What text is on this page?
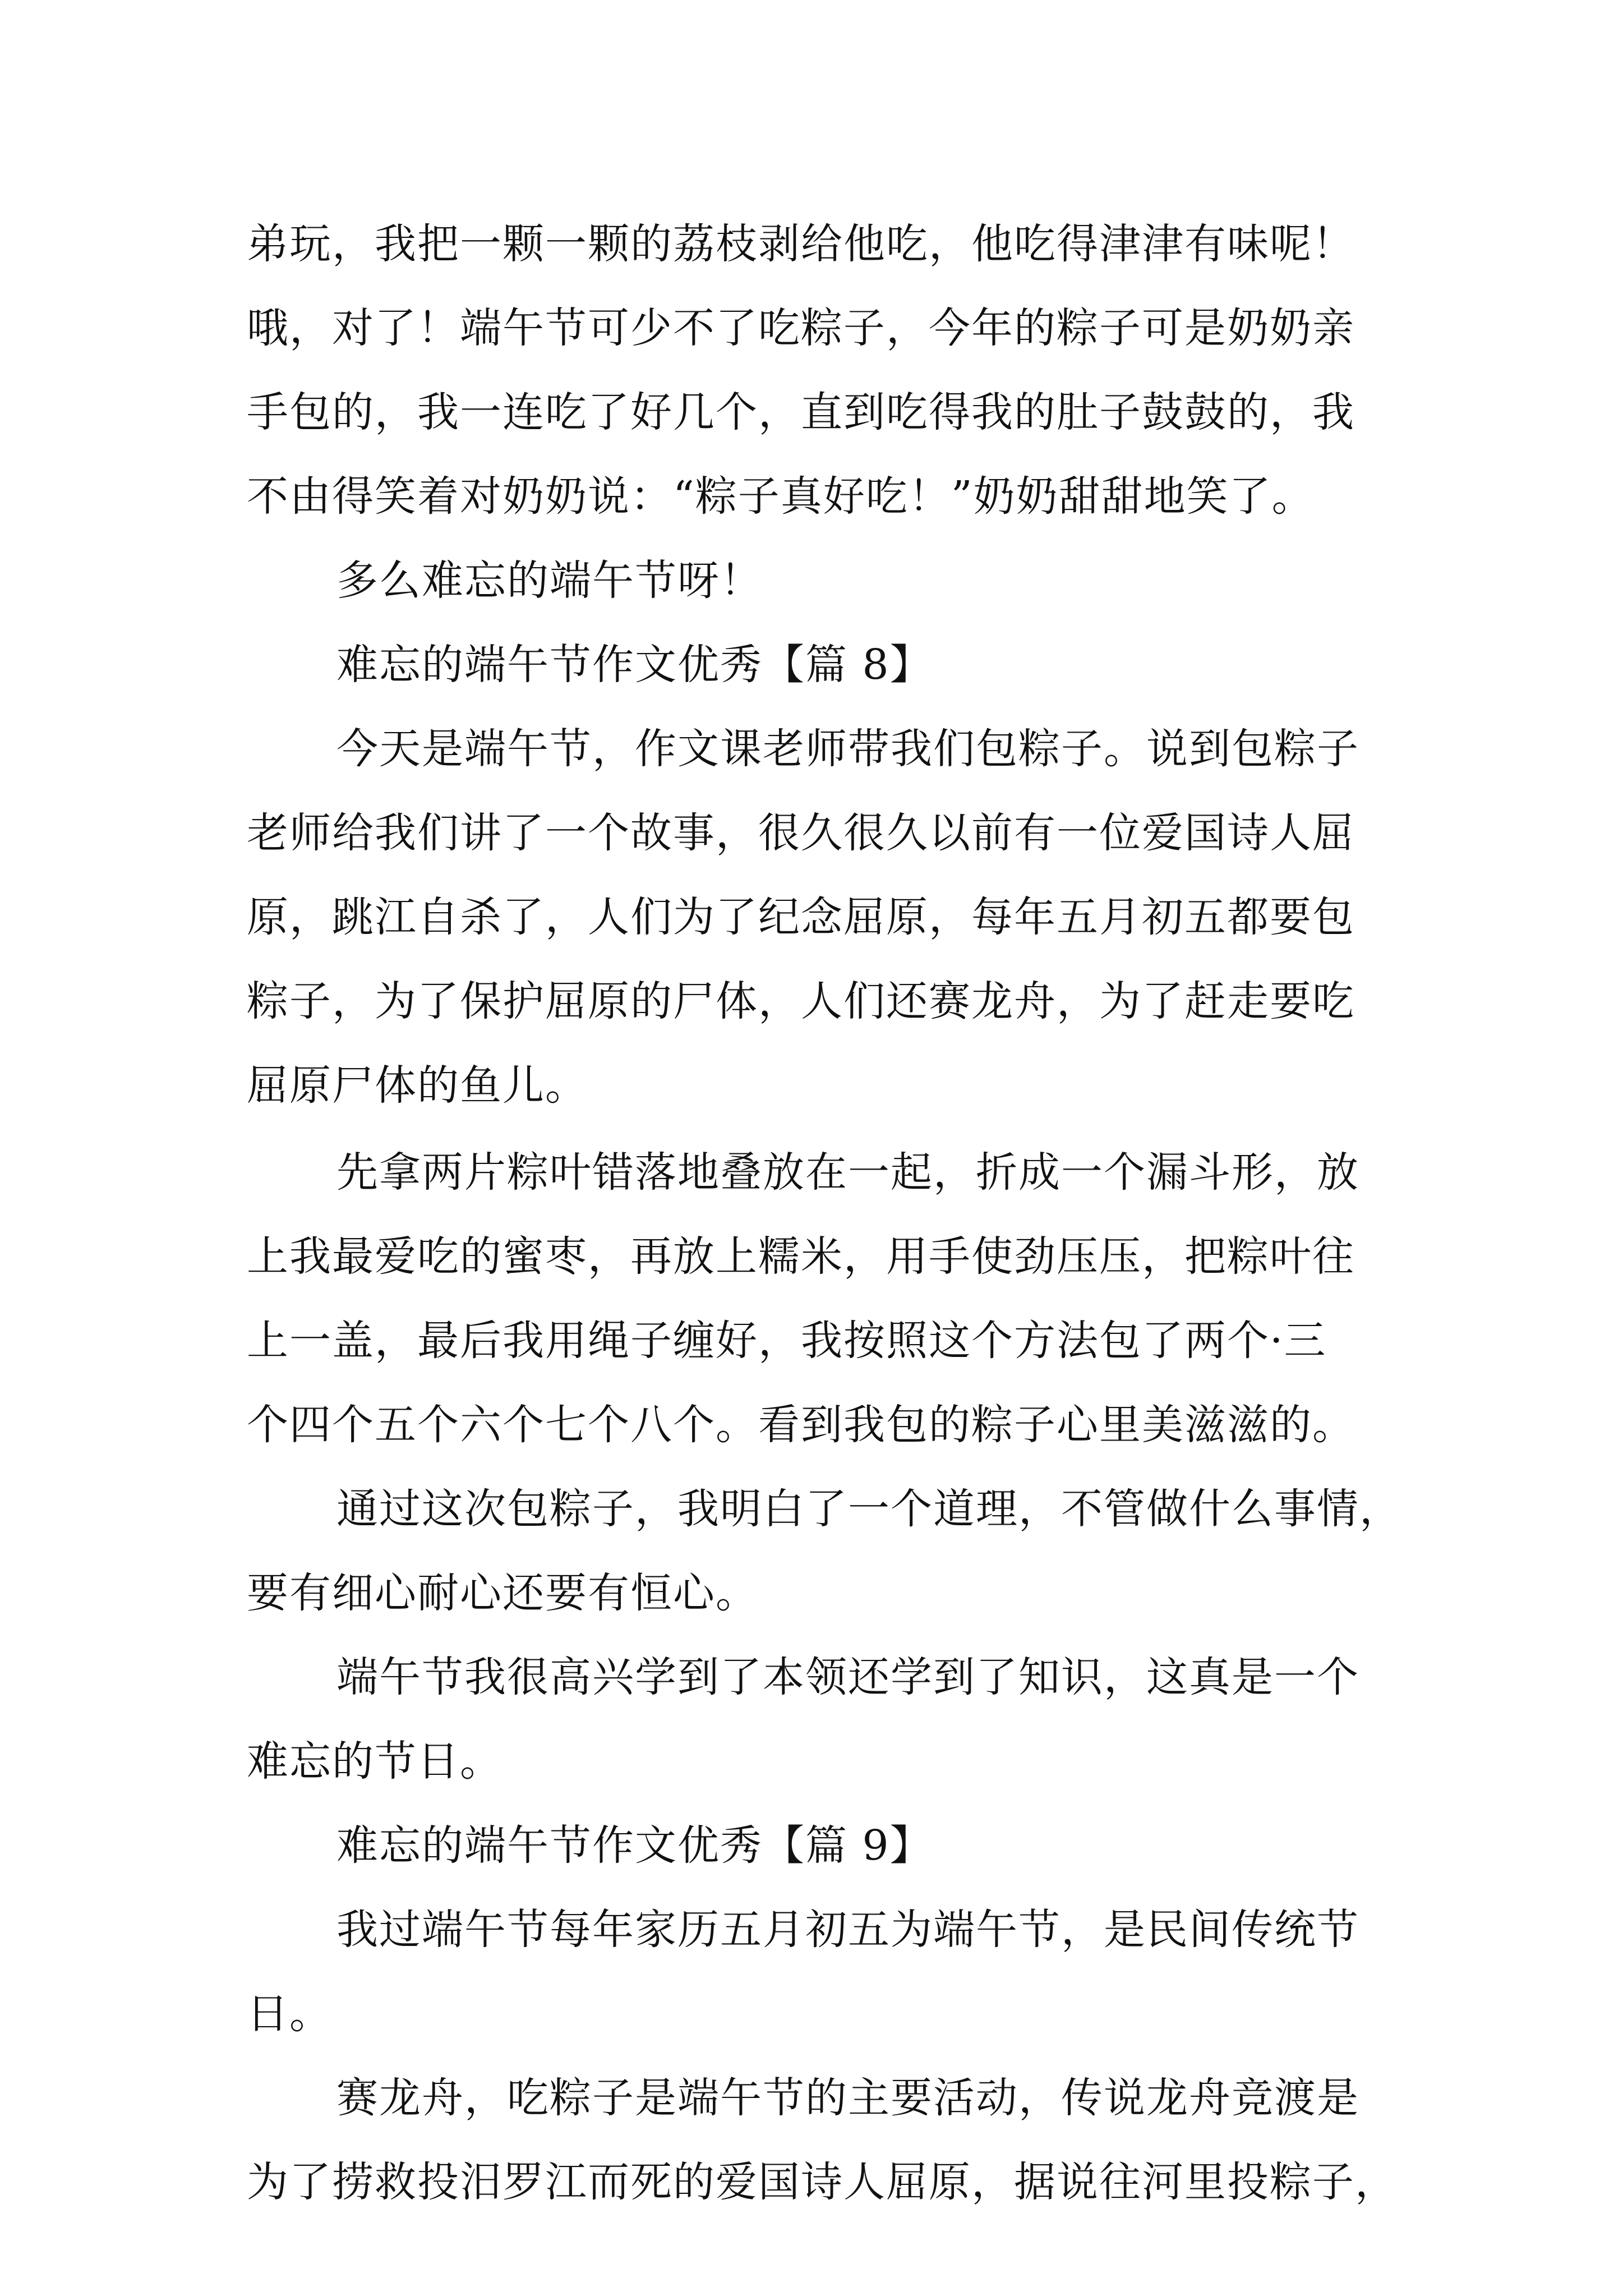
弟玩，我把一颗一颗的荔枝剥给他吃，他吃得津津有味呢！
哦，对了！端午节可少不了吃粽子，今年的粽子可是奶奶亲
手包的，我一连吃了好几个，直到吃得我的肚子鼓鼓的，我
不由得笑着对奶奶说：“粽子真好吃！”奶奶甜甜地笑了。
多么难忘的端午节呀！
难忘的端午节作文优秀【篇 8】
今天是端午节，作文课老师带我们包粽子。说到包粽子
老师给我们讲了一个故事，很久很久以前有一位爱国诗人屈
原，跳江自杀了，人们为了纪念屈原，每年五月初五都要包
粽子，为了保护屈原的尸体，人们还赛龙舟，为了赶走要吃
屈原尸体的鱼儿。
先拿两片粽叶错落地叠放在一起，折成一个漏斗形，放
上我最爱吃的蜜枣，再放上糯米，用手使劲压压，把粽叶往
上一盖，最后我用绳子缠好，我按照这个方法包了两个·三
个四个五个六个七个八个。看到我包的粽子心里美滋滋的。
通过这次包粽子，我明白了一个道理，不管做什么事情，
要有细心耐心还要有恒心。
端午节我很高兴学到了本领还学到了知识，这真是一个
难忘的节日。
难忘的端午节作文优秀【篇 9】
我过端午节每年家历五月初五为端午节，是民间传统节
日。
赛龙舟，吃粽子是端午节的主要活动，传说龙舟竞渡是
为了捞救投汨罗江而死的爱国诗人屈原，据说往河里投粽子，
